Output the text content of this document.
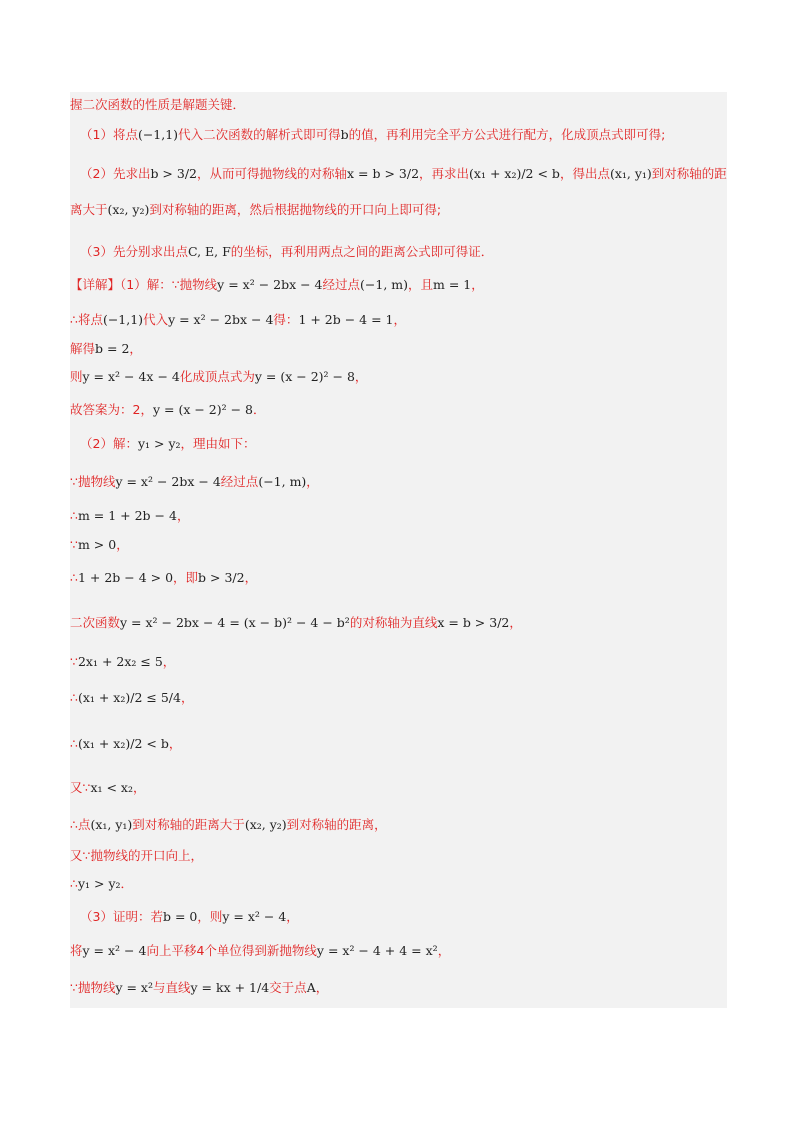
握二次函数的性质是解题关键．
（1）将点(−1,1)代入二次函数的解析式即可得b的值，再利用完全平方公式进行配方，化成顶点式即可得;
（2）先求出b > 3/2，从而可得抛物线的对称轴x = b > 3/2，再求出(x₁ + x₂)/2 < b，得出点(x₁, y₁)到对称轴的距
离大于(x₂, y₂)到对称轴的距离，然后根据抛物线的开口向上即可得;
（3）先分别求出点C, E, F的坐标，再利用两点之间的距离公式即可得证．
【详解】（1）解：∵抛物线y = x² − 2bx − 4经过点(−1, m)，且m = 1，
∴将点(−1,1)代入y = x² − 2bx − 4得：1 + 2b − 4 = 1，
解得b = 2，
则y = x² − 4x − 4化成顶点式为y = (x − 2)² − 8，
故答案为：2，y = (x − 2)² − 8．
（2）解：y₁ > y₂，理由如下：
∵抛物线y = x² − 2bx − 4经过点(−1, m)，
∴m = 1 + 2b − 4，
∵m > 0，
∴1 + 2b − 4 > 0，即b > 3/2，
二次函数y = x² − 2bx − 4 = (x − b)² − 4 − b²的对称轴为直线x = b > 3/2，
∵2x₁ + 2x₂ ≤ 5，
∴(x₁ + x₂)/2 ≤ 5/4，
∴(x₁ + x₂)/2 < b，
又∵x₁ < x₂，
∴点(x₁, y₁)到对称轴的距离大于(x₂, y₂)到对称轴的距离，
又∵抛物线的开口向上，
∴y₁ > y₂．
（3）证明：若b = 0，则y = x² − 4，
将y = x² − 4向上平移4个单位得到新抛物线y = x² − 4 + 4 = x²，
∵抛物线y = x²与直线y = kx + 1/4交于点A，
